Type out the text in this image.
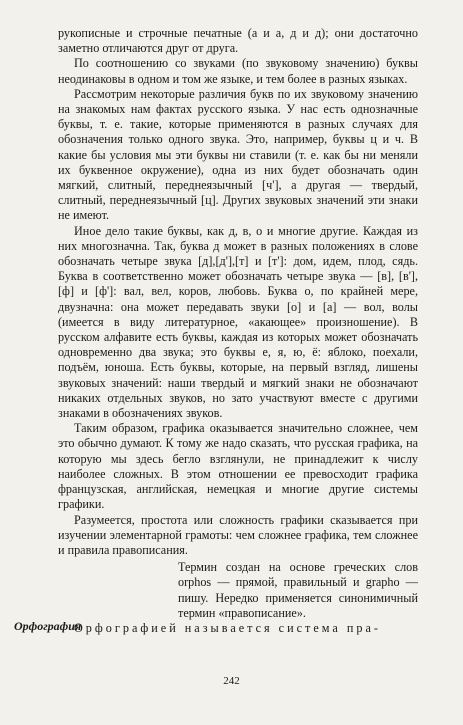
рукописные и строчные печатные (а и а, д и д); они достаточно заметно отличаются друг от друга.

По соотношению со звуками (по звуковому значению) буквы неодинаковы в одном и том же языке, и тем более в разных языках.

Рассмотрим некоторые различия букв по их звуковому значению на знакомых нам фактах русского языка. У нас есть однозначные буквы, т. е. такие, которые применяются в разных случаях для обозначения только одного звука. Это, например, буквы ц и ч. В какие бы условия мы эти буквы ни ставили (т. е. как бы ни меняли их буквенное окружение), одна из них будет обозначать один мягкий, слитный, переднеязычный [ч'], а другая — твердый, слитный, переднеязычный [ц]. Других звуковых значений эти знаки не имеют.

Иное дело такие буквы, как д, в, о и многие другие. Каждая из них многозначна. Так, буква д может в разных положениях в слове обозначать четыре звука [д],[д'],[т] и [т']: дом, идем, плод, сядь. Буква в соответственно может обозначать четыре звука — [в], [в'], [ф] и [ф']: вал, вел, коров, любовь. Буква о, по крайней мере, двузначна: она может передавать звуки [о] и [а] — вол, волы (имеется в виду литературное, «акающее» произношение). В русском алфавите есть буквы, каждая из которых может обозначать одновременно два звука; это буквы е, я, ю, ё: яблоко, поехали, подъём, юноша. Есть буквы, которые, на первый взгляд, лишены звуковых значений: наши твердый и мягкий знаки не обозначают никаких отдельных звуков, но зато участвуют вместе с другими знаками в обозначениях звуков.

Таким образом, графика оказывается значительно сложнее, чем это обычно думают. К тому же надо сказать, что русская графика, на которую мы здесь бегло взглянули, не принадлежит к числу наиболее сложных. В этом отношении ее превосходит графика французская, английская, немецкая и многие другие системы графики.

Разумеется, простота или сложность графики сказывается при изучении элементарной грамоты: чем сложнее графика, тем сложнее и правила правописания.

Термин создан на основе греческих слов orphos — прямой, правильный и grapho — пишу. Нередко применяется синонимичный термин «правописание».

Орфографией называется система пра-

Орфография
242
